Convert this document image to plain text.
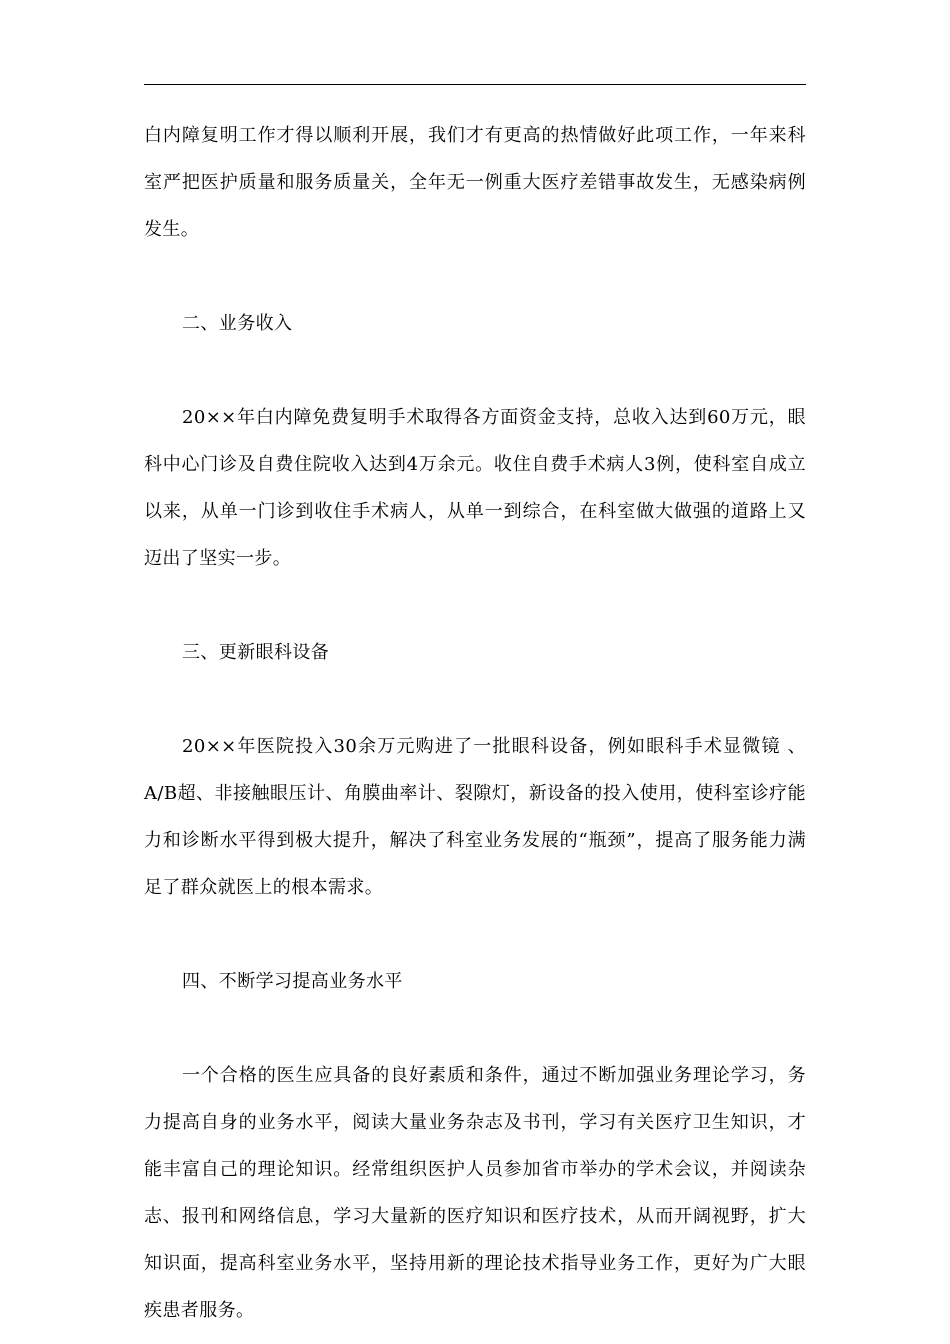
白内障复明工作才得以顺利开展，我们才有更高的热情做好此项工作，一年来科室严把医护质量和服务质量关，全年无一例重大医疗差错事故发生，无感染病例发生。

二、业务收入

20××年白内障免费复明手术取得各方面资金支持，总收入达到60万元，眼科中心门诊及自费住院收入达到4万余元。收住自费手术病人3例，使科室自成立以来，从单一门诊到收住手术病人，从单一到综合，在科室做大做强的道路上又迈出了坚实一步。

三、更新眼科设备

20××年医院投入30余万元购进了一批眼科设备，例如眼科手术显微镜 、A/B超、非接触眼压计、角膜曲率计、裂隙灯，新设备的投入使用，使科室诊疗能力和诊断水平得到极大提升，解决了科室业务发展的“瓶颈”，提高了服务能力满足了群众就医上的根本需求。

四、不断学习提高业务水平

一个合格的医生应具备的良好素质和条件，通过不断加强业务理论学习，务力提高自身的业务水平，阅读大量业务杂志及书刊，学习有关医疗卫生知识，才能丰富自己的理论知识。经常组织医护人员参加省市举办的学术会议，并阅读杂志、报刊和网络信息，学习大量新的医疗知识和医疗技术，从而开阔视野，扩大知识面，提高科室业务水平，坚持用新的理论技术指导业务工作，更好为广大眼疾患者服务。
